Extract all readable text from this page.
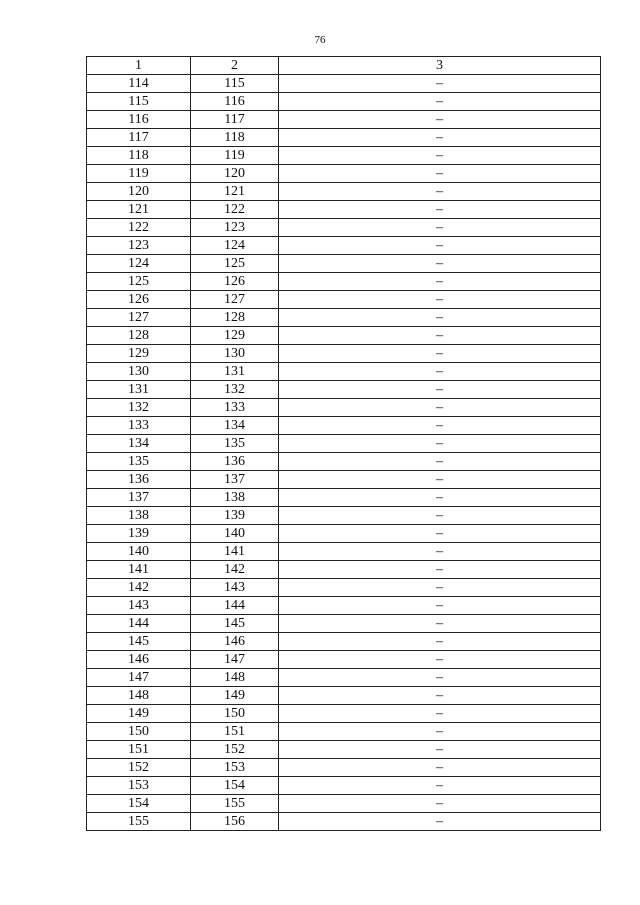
76
1	2	3
114	115	–
115	116	–
116	117	–
117	118	–
118	119	–
119	120	–
120	121	–
121	122	–
122	123	–
123	124	–
124	125	–
125	126	–
126	127	–
127	128	–
128	129	–
129	130	–
130	131	–
131	132	–
132	133	–
133	134	–
134	135	–
135	136	–
136	137	–
137	138	–
138	139	–
139	140	–
140	141	–
141	142	–
142	143	–
143	144	–
144	145	–
145	146	–
146	147	–
147	148	–
148	149	–
149	150	–
150	151	–
151	152	–
152	153	–
153	154	–
154	155	–
155	156	–
